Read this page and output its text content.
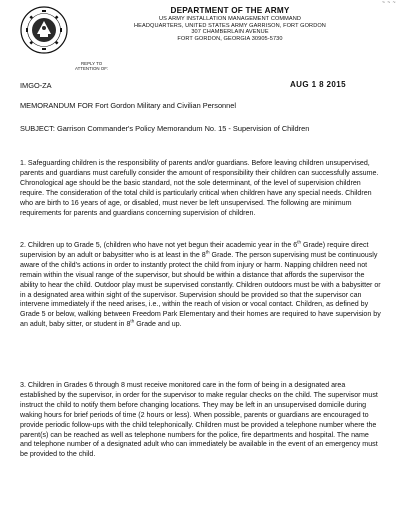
~ ~ ~
DEPARTMENT OF THE ARMY
US ARMY INSTALLATION MANAGEMENT COMMAND
HEADQUARTERS, UNITED STATES ARMY GARRISON, FORT GORDON
307 CHAMBERLAIN AVENUE
FORT GORDON, GEORGIA 30905-5730
REPLY TO
ATTENTION OF:
IMGO-ZA	AUG 1 8 2015
MEMORANDUM FOR Fort Gordon Military and Civilian Personnel
SUBJECT: Garrison Commander's Policy Memorandum No. 15 - Supervision of Children
1. Safeguarding children is the responsibility of parents and/or guardians. Before leaving children unsupervised, parents and guardians must carefully consider the amount of responsibility their children can successfully assume. Chronological age should be the basic standard, not the sole determinant, of the level of supervision children require. The consideration of the total child is particularly critical when children have any special needs. Children who are birth to 16 years of age, or disabled, must never be left unsupervised. The following are minimum requirements for parents and guardians concerning supervision of children.
2. Children up to Grade 5, (children who have not yet begun their academic year in the 6th Grade) require direct supervision by an adult or babysitter who is at least in the 8th Grade. The person supervising must be continuously aware of the child's actions in order to instantly protect the child from injury or harm. Napping children need not remain within the visual range of the supervisor, but should be within a distance that affords the supervisor the ability to hear the child. Outdoor play must be supervised constantly. Children outdoors must be with a babysitter or in a designated area within sight of the supervisor. Supervision should be provided so that the supervisor can intervene immediately if the need arises, i.e., within the reach of vision or vocal contact. Children, as defined by Grade 5 or below, walking between Freedom Park Elementary and their homes are required to have supervision by an adult, baby sitter, or student in 8th Grade and up.
3. Children in Grades 6 through 8 must receive monitored care in the form of being in a designated area established by the supervisor, in order for the supervisor to make regular checks on the child. The supervisor must instruct the child to notify them before changing locations. They may be left in an unsupervised domicile during waking hours for brief periods of time (2 hours or less). When possible, parents or guardians are encouraged to provide periodic follow-ups with the child telephonically. Children must be provided a telephone number where the parent(s) can be reached as well as telephone numbers for the police, fire departments and hospital. The name and telephone number of a designated adult who can immediately be available in the event of an emergency must be provided to the child.
